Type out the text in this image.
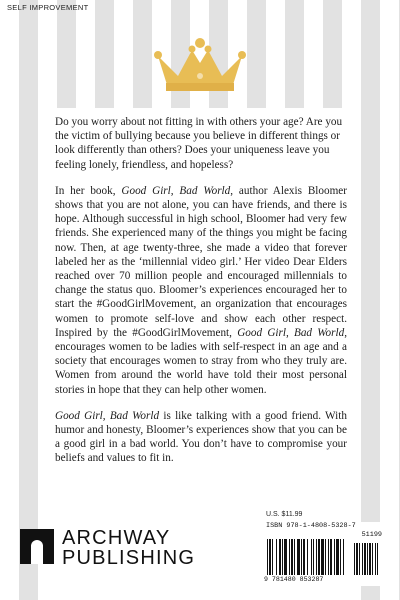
SELF IMPROVEMENT

Do you worry about not fitting in with others your age? Are you the victim of bullying because you believe in different things or look differently than others? Does your uniqueness leave you feeling lonely, friendless, and hopeless?

In her book, Good Girl, Bad World, author Alexis Bloomer shows that you are not alone, you can have friends, and there is hope. Although successful in high school, Bloomer had very few friends. She experienced many of the things you might be facing now. Then, at age twenty-three, she made a video that forever labeled her as the ‘millennial video girl.’ Her video Dear Elders reached over 70 million people and encouraged millennials to change the status quo. Bloomer’s experiences encouraged her to start the #GoodGirlMovement, an organization that encourages women to promote self-love and show each other respect. Inspired by the #GoodGirlMovement, Good Girl, Bad World, encourages women to be ladies with self-respect in an age and a society that encourages women to stray from who they truly are. Women from around the world have told their most personal stories in hope that they can help other women.

Good Girl, Bad World is like talking with a good friend. With humor and honesty, Bloomer’s experiences show that you can be a good girl in a bad world. You don’t have to compromise your beliefs and values to fit in.

ARCHWAY
PUBLISHING
U.S. $11.99
ISBN 978-1-4808-5328-7
51199
9 781480 853287
